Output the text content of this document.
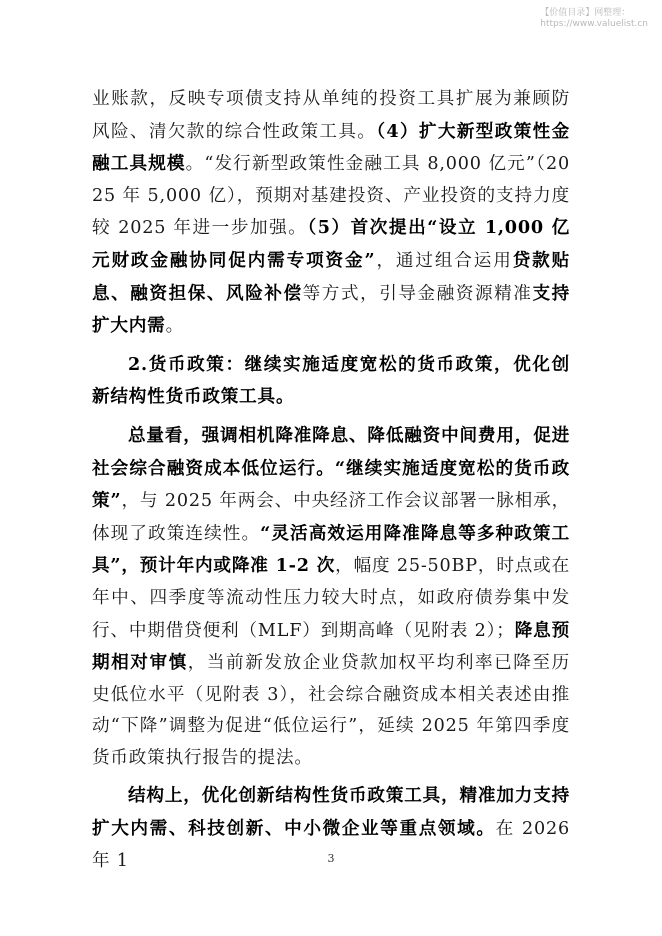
【价值目录】网整理：
https://www.valuelist.cn

业账款，反映专项债支持从单纯的投资工具扩展为兼顾防风险、清欠款的综合性政策工具。（4）扩大新型政策性金融工具规模。“发行新型政策性金融工具 8,000 亿元”（2025 年 5,000 亿），预期对基建投资、产业投资的支持力度较 2025 年进一步加强。（5）首次提出“设立 1,000 亿元财政金融协同促内需专项资金”，通过组合运用贷款贴息、融资担保、风险补偿等方式，引导金融资源精准支持扩大内需。

2.货币政策：继续实施适度宽松的货币政策，优化创新结构性货币政策工具。

总量看，强调相机降准降息、降低融资中间费用，促进社会综合融资成本低位运行。“继续实施适度宽松的货币政策”，与 2025 年两会、中央经济工作会议部署一脉相承，体现了政策连续性。“灵活高效运用降准降息等多种政策工具”，预计年内或降准 1-2 次，幅度 25-50BP，时点或在年中、四季度等流动性压力较大时点，如政府债券集中发行、中期借贷便利（MLF）到期高峰（见附表 2）；降息预期相对审慎，当前新发放企业贷款加权平均利率已降至历史低位水平（见附表 3），社会综合融资成本相关表述由推动“下降”调整为促进“低位运行”，延续 2025 年第四季度货币政策执行报告的提法。

结构上，优化创新结构性货币政策工具，精准加力支持扩大内需、科技创新、中小微企业等重点领域。在 2026 年 1	3
